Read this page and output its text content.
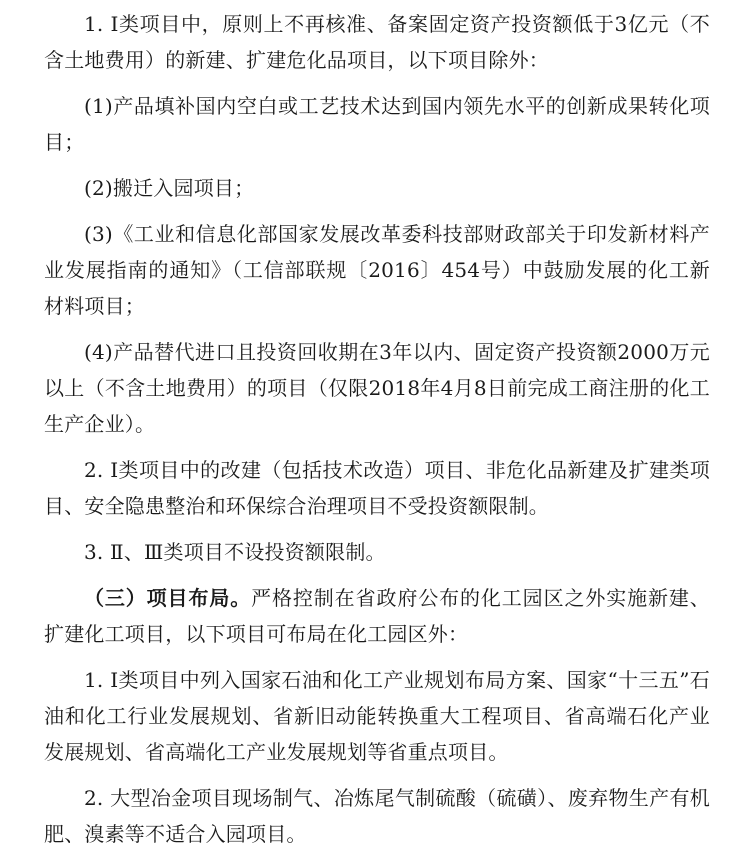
1. Ⅰ类项目中，原则上不再核准、备案固定资产投资额低于3亿元（不含土地费用）的新建、扩建危化品项目，以下项目除外：

(1)产品填补国内空白或工艺技术达到国内领先水平的创新成果转化项目；

(2)搬迁入园项目；

(3)《工业和信息化部国家发展改革委科技部财政部关于印发新材料产业发展指南的通知》（工信部联规〔2016〕454号）中鼓励发展的化工新材料项目；

(4)产品替代进口且投资回收期在3年以内、固定资产投资额2000万元以上（不含土地费用）的项目（仅限2018年4月8日前完成工商注册的化工生产企业）。

2. Ⅰ类项目中的改建（包括技术改造）项目、非危化品新建及扩建类项目、安全隐患整治和环保综合治理项目不受投资额限制。

3. Ⅱ、Ⅲ类项目不设投资额限制。

（三）项目布局。严格控制在省政府公布的化工园区之外实施新建、扩建化工项目，以下项目可布局在化工园区外：

1. Ⅰ类项目中列入国家石油和化工产业规划布局方案、国家“十三五”石油和化工行业发展规划、省新旧动能转换重大工程项目、省高端石化产业发展规划、省高端化工产业发展规划等省重点项目。

2. 大型冶金项目现场制气、冶炼尾气制硫酸（硫磺）、废弃物生产有机肥、溴素等不适合入园项目。
